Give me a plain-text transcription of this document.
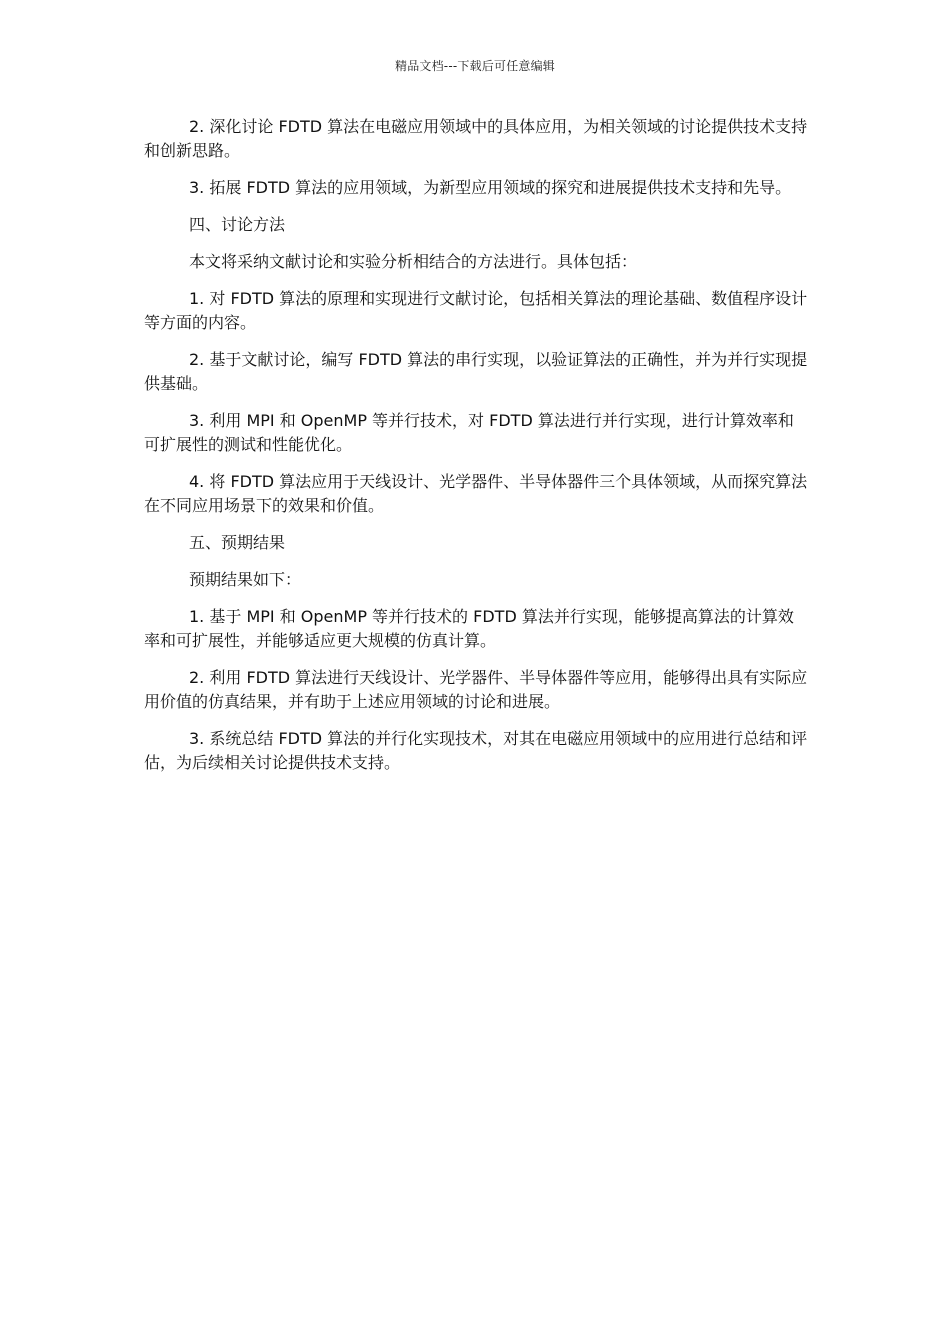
精品文档---下载后可任意编辑

2. 深化讨论 FDTD 算法在电磁应用领域中的具体应用，为相关领域的讨论提供技术支持和创新思路。

3. 拓展 FDTD 算法的应用领域，为新型应用领域的探究和进展提供技术支持和先导。

四、讨论方法

本文将采纳文献讨论和实验分析相结合的方法进行。具体包括：

1. 对 FDTD 算法的原理和实现进行文献讨论，包括相关算法的理论基础、数值程序设计等方面的内容。

2. 基于文献讨论，编写 FDTD 算法的串行实现，以验证算法的正确性，并为并行实现提供基础。

3. 利用 MPI 和 OpenMP 等并行技术，对 FDTD 算法进行并行实现，进行计算效率和可扩展性的测试和性能优化。

4. 将 FDTD 算法应用于天线设计、光学器件、半导体器件三个具体领域，从而探究算法在不同应用场景下的效果和价值。

五、预期结果

预期结果如下：

1. 基于 MPI 和 OpenMP 等并行技术的 FDTD 算法并行实现，能够提高算法的计算效率和可扩展性，并能够适应更大规模的仿真计算。

2. 利用 FDTD 算法进行天线设计、光学器件、半导体器件等应用，能够得出具有实际应用价值的仿真结果，并有助于上述应用领域的讨论和进展。

3. 系统总结 FDTD 算法的并行化实现技术，对其在电磁应用领域中的应用进行总结和评估，为后续相关讨论提供技术支持。
